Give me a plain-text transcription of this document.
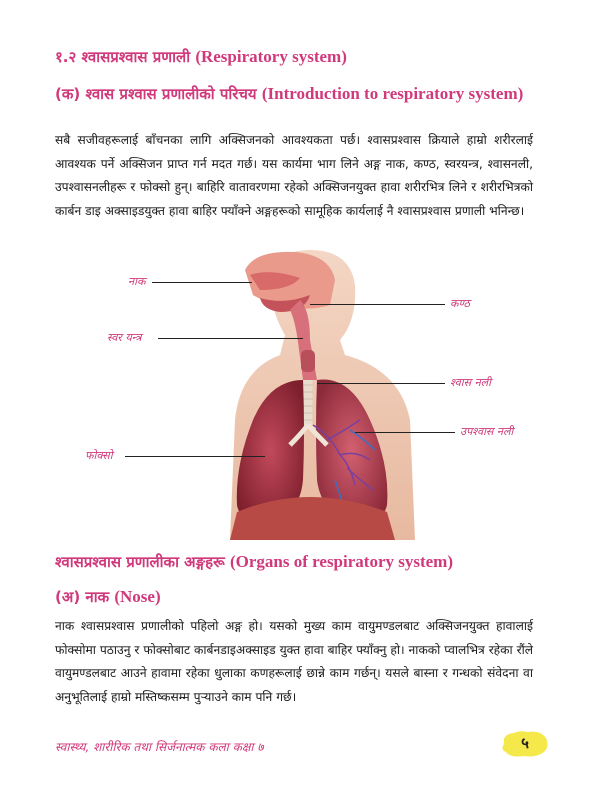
१.२ श्वासप्रश्वास प्रणाली (Respiratory system)
(क) श्वास प्रश्वास प्रणालीको परिचय (Introduction to respiratory system)
सबै सजीवहरूलाई बाँचनका लागि अक्सिजनको आवश्यकता पर्छ। श्वासप्रश्वास क्रियाले हाम्रो शरीरलाई आवश्यक पर्ने अक्सिजन प्राप्त गर्न मदत गर्छ। यस कार्यमा भाग लिने अङ्ग नाक, कण्ठ, स्वरयन्त्र, श्वासनली, उपश्वासनलीहरू र फोक्सो हुन्। बाहिरि वातावरणमा रहेको अक्सिजनयुक्त हावा शरीरभित्र लिने र शरीरभित्रको कार्बन डाइ अक्साइडयुक्त हावा बाहिर फ्याँक्ने अङ्गहरूको सामूहिक कार्यलाई नै श्वासप्रश्वास प्रणाली भनिन्छ।
नाक
कण्ठ
स्वर यन्त्र
श्वास नली
उपश्वास नली
फोक्सो
श्वासप्रश्वास प्रणालीका अङ्गहरू (Organs of respiratory system)
(अ) नाक (Nose)
नाक श्वासप्रश्वास प्रणालीको पहिलो अङ्ग हो। यसको मुख्य काम वायुमण्डलबाट अक्सिजनयुक्त हावालाई फोक्सोमा पठाउनु र फोक्सोबाट कार्बनडाइअक्साइड युक्त हावा बाहिर फ्याँक्नु हो। नाकको प्वालभित्र रहेका रौंले वायुमण्डलबाट आउने हावामा रहेका धुलाका कणहरूलाई छान्ने काम गर्छन्। यसले बास्ना र गन्धको संवेदना वा अनुभूतिलाई हाम्रो मस्तिष्कसम्म पुऱ्याउने काम पनि गर्छ।
स्वास्थ्य, शारीरिक तथा सिर्जनात्मक कला कक्षा ७	५
